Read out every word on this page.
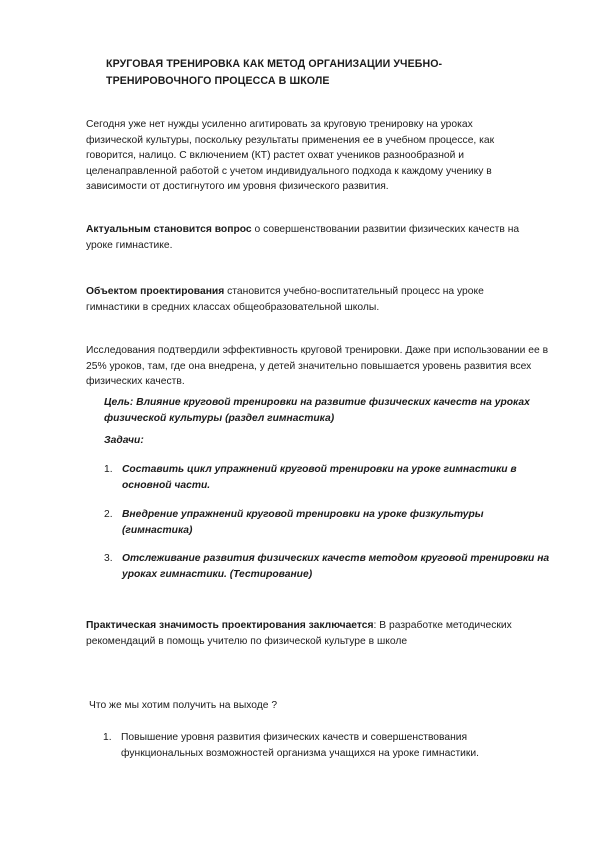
КРУГОВАЯ ТРЕНИРОВКА КАК МЕТОД ОРГАНИЗАЦИИ УЧЕБНО-ТРЕНИРОВОЧНОГО ПРОЦЕССА В ШКОЛЕ

Сегодня уже нет нужды усиленно агитировать за круговую тренировку на уроках физической культуры, поскольку результаты применения ее в учебном процессе, как говорится, налицо. С включением (КТ) растет охват учеников разнообразной и целенаправленной работой с учетом индивидуального подхода к каждому ученику в зависимости от достигнутого им уровня физического развития.

Актуальным становится вопрос о совершенствовании развитии физических качеств на уроке гимнастике.

Объектом проектирования становится учебно-воспитательный процесс на уроке гимнастики в средних классах общеобразовательной школы.

Исследования подтвердили эффективность круговой тренировки. Даже при использовании ее в 25% уроков, там, где она внедрена, у детей значительно повышается уровень развития всех физических качеств.

Цель: Влияние круговой тренировки на развитие физических качеств на уроках физической культуры (раздел гимнастика)

Задачи:

1. Составить цикл упражнений круговой тренировки на уроке гимнастики в основной части.
2. Внедрение упражнений круговой тренировки на уроке физкультуры (гимнастика)
3. Отслеживание развития физических качеств методом круговой тренировки на уроках гимнастики. (Тестирование)

Практическая значимость проектирования заключается: В разработке методических рекомендаций в помощь учителю по физической культуре в школе

Что же мы хотим получить на выходе ?

1. Повышение уровня развития физических качеств и совершенствования функциональных возможностей организма учащихся на уроке гимнастики.
